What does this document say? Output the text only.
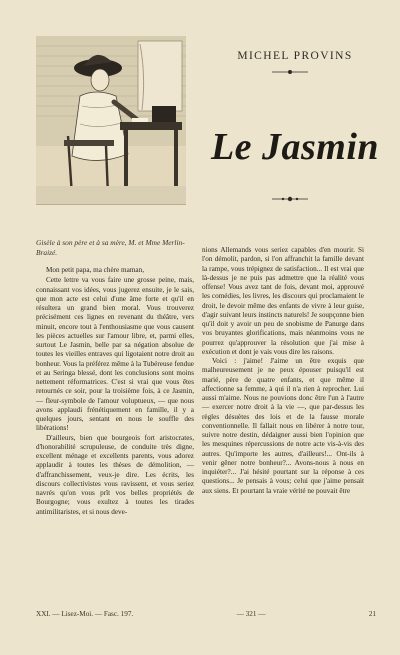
MICHEL PROVINS
Le Jasmin
Gisèle à son père et à sa mère, M. et Mme Merlin-Braizé.

Mon petit papa, ma chère maman,

Cette lettre va vous faire une grosse peine, mais, connaissant vos idées, vous jugerez ensuite, je le sais, que mon acte est celui d'une âme forte et qu'il en résultera un grand bien moral. Vous trouverez précisément ces lignes en revenant du théâtre, vers minuit, encore tout à l'enthousiasme que vous causent les pièces actuelles sur l'amour libre, et, parmi elles, surtout Le Jasmin, belle par sa négation absolue de toutes les vieilles entraves qui ligotaient notre droit au bonheur. Vous la préférez même à la Tubéreuse fendue et au Seringa blessé, dont les conclusions sont moins nettement réformatrices. C'est si vrai que vous êtes retournés ce soir, pour la troisième fois, à ce Jasmin, — fleur-symbole de l'amour voluptueux, — que nous avons applaudi frénétiquement en famille, il y a quelques jours, sentant en nous le souffle des libérations!

D'ailleurs, bien que bourgeois fort aristocrates, d'honorabilité scrupuleuse, de conduite très digne, excellent ménage et excellents parents, vous adorez applaudir à toutes les thèses de démolition, — d'affranchissement, veux-je dire. Les écrits, les discours collectivistes vous ravissent, et vous seriez navrés qu'on vous prît vos belles propriétés de Bourgogne; vous exultez à toutes les tirades antimilitaristes, et si nous deve-

nions Allemands vous seriez capables d'en mourir. Si l'on démolit, pardon, si l'on affranchit la famille devant la rampe, vous trépignez de satisfaction... Il est vrai que là-dessus je ne puis pas admettre que la réalité vous offense! Vous avez tant de fois, devant moi, approuvé les comédies, les livres, les discours qui proclamaient le droit, le devoir même des enfants de vivre à leur guise, d'agir suivant leurs instincts naturels! Je soupçonne bien qu'il doit y avoir un peu de snobisme de Panurge dans vos bruyantes glorifications, mais néanmoins vous ne pourrez qu'approuver la résolution que j'ai mise à exécution et dont je vais vous dire les raisons.

Voici : j'aime! J'aime un être exquis que malheureusement je ne peux épouser puisqu'il est marié, père de quatre enfants, et que même il affectionne sa femme, à qui il n'a rien à reprocher. Lui aussi m'aime. Nous ne pouvions donc être l'un à l'autre — exercer notre droit à la vie —, que par-dessus les règles désuètes des lois et de la fausse morale conventionnelle. Il fallait nous en libérer à notre tour, suivre notre destin, dédaigner aussi bien l'opinion que les mesquines répercussions de notre acte vis-à-vis des autres. Qu'importe les autres, d'ailleurs!... Ont-ils à venir gêner notre bonheur?... Avons-nous à nous en inquiéter?... J'ai hésité pourtant sur la réponse à ces questions... Je pensais à vous; celui que j'aime pensait aux siens. Et pourtant la vraie vérité ne pouvait être

XXI. — Lisez-Moi. — Fasc. 197.	— 321 —	21
